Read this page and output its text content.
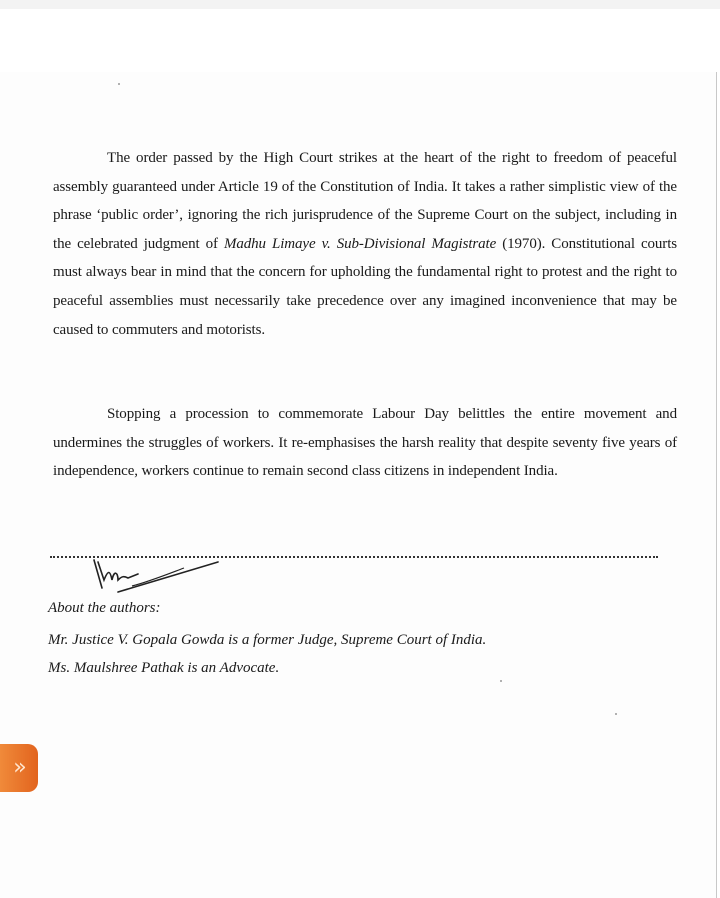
The order passed by the High Court strikes at the heart of the right to freedom of peaceful assembly guaranteed under Article 19 of the Constitution of India. It takes a rather simplistic view of the phrase ‘public order’, ignoring the rich jurisprudence of the Supreme Court on the subject, including in the celebrated judgment of Madhu Limaye v. Sub-Divisional Magistrate (1970). Constitutional courts must always bear in mind that the concern for upholding the fundamental right to protest and the right to peaceful assemblies must necessarily take precedence over any imagined inconvenience that may be caused to commuters and motorists.

Stopping a procession to commemorate Labour Day belittles the entire movement and undermines the struggles of workers. It re-emphasises the harsh reality that despite seventy five years of independence, workers continue to remain second class citizens in independent India.

About the authors:
Mr. Justice V. Gopala Gowda is a former Judge, Supreme Court of India.
Ms. Maulshree Pathak is an Advocate.
»
